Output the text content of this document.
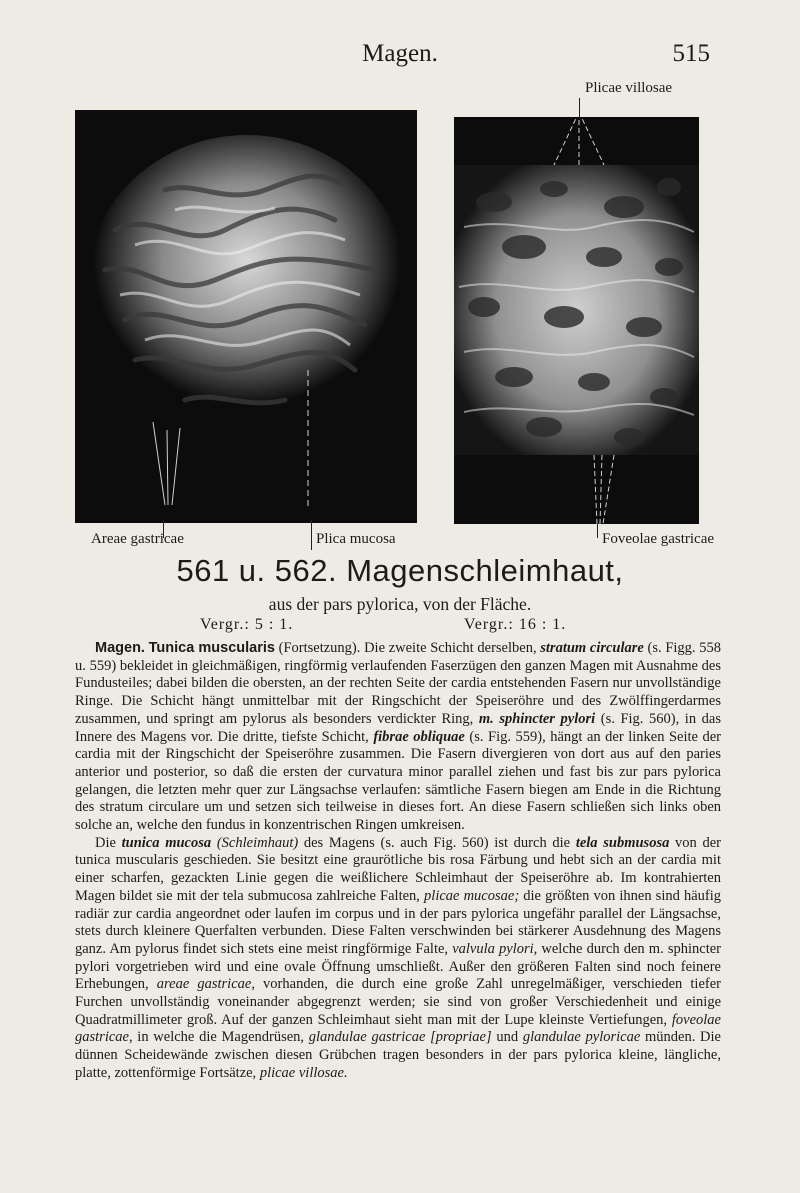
Magen.	515
Plicae villosae
Areae gastricae	Plica mucosa	Foveolae gastricae
561 u. 562. Magenschleimhaut,
aus der pars pylorica, von der Fläche.
Vergr.: 5 : 1.	Vergr.: 16 : 1.

Magen. Tunica muscularis (Fortsetzung). Die zweite Schicht derselben, stratum circulare (s. Figg. 558 u. 559) bekleidet in gleichmäßigen, ringförmig verlaufenden Faserzügen den ganzen Magen mit Ausnahme des Fundusteiles; dabei bilden die obersten, an der rechten Seite der cardia entstehenden Fasern nur unvollständige Ringe. Die Schicht hängt unmittelbar mit der Ringschicht der Speiseröhre und des Zwölffingerdarmes zusammen, und springt am pylorus als besonders verdickter Ring, m. sphincter pylori (s. Fig. 560), in das Innere des Magens vor. Die dritte, tiefste Schicht, fibrae obliquae (s. Fig. 559), hängt an der linken Seite der cardia mit der Ringschicht der Speiseröhre zusammen. Die Fasern divergieren von dort aus auf den paries anterior und posterior, so daß die ersten der curvatura minor parallel ziehen und fast bis zur pars pylorica gelangen, die letzten mehr quer zur Längsachse verlaufen: sämtliche Fasern biegen am Ende in die Richtung des stratum circulare um und setzen sich teilweise in dieses fort. An diese Fasern schließen sich links oben solche an, welche den fundus in konzentrischen Ringen umkreisen.

Die tunica mucosa (Schleimhaut) des Magens (s. auch Fig. 560) ist durch die tela submusosa von der tunica muscularis geschieden. Sie besitzt eine graurötliche bis rosa Färbung und hebt sich an der cardia mit einer scharfen, gezackten Linie gegen die weißlichere Schleimhaut der Speiseröhre ab. Im kontrahierten Magen bildet sie mit der tela submucosa zahlreiche Falten, plicae mucosae; die größten von ihnen sind häufig radiär zur cardia angeordnet oder laufen im corpus und in der pars pylorica ungefähr parallel der Längsachse, stets durch kleinere Querfalten verbunden. Diese Falten verschwinden bei stärkerer Ausdehnung des Magens ganz. Am pylorus findet sich stets eine meist ringförmige Falte, valvula pylori, welche durch den m. sphincter pylori vorgetrieben wird und eine ovale Öffnung umschließt. Außer den größeren Falten sind noch feinere Erhebungen, areae gastricae, vorhanden, die durch eine große Zahl unregelmäßiger, verschieden tiefer Furchen unvollständig voneinander abgegrenzt werden; sie sind von großer Verschiedenheit und einige Quadratmillimeter groß. Auf der ganzen Schleimhaut sieht man mit der Lupe kleinste Vertiefungen, foveolae gastricae, in welche die Magendrüsen, glandulae gastricae [propriae] und glandulae pyloricae münden. Die dünnen Scheidewände zwischen diesen Grübchen tragen besonders in der pars pylorica kleine, längliche, platte, zottenförmige Fortsätze, plicae villosae.
